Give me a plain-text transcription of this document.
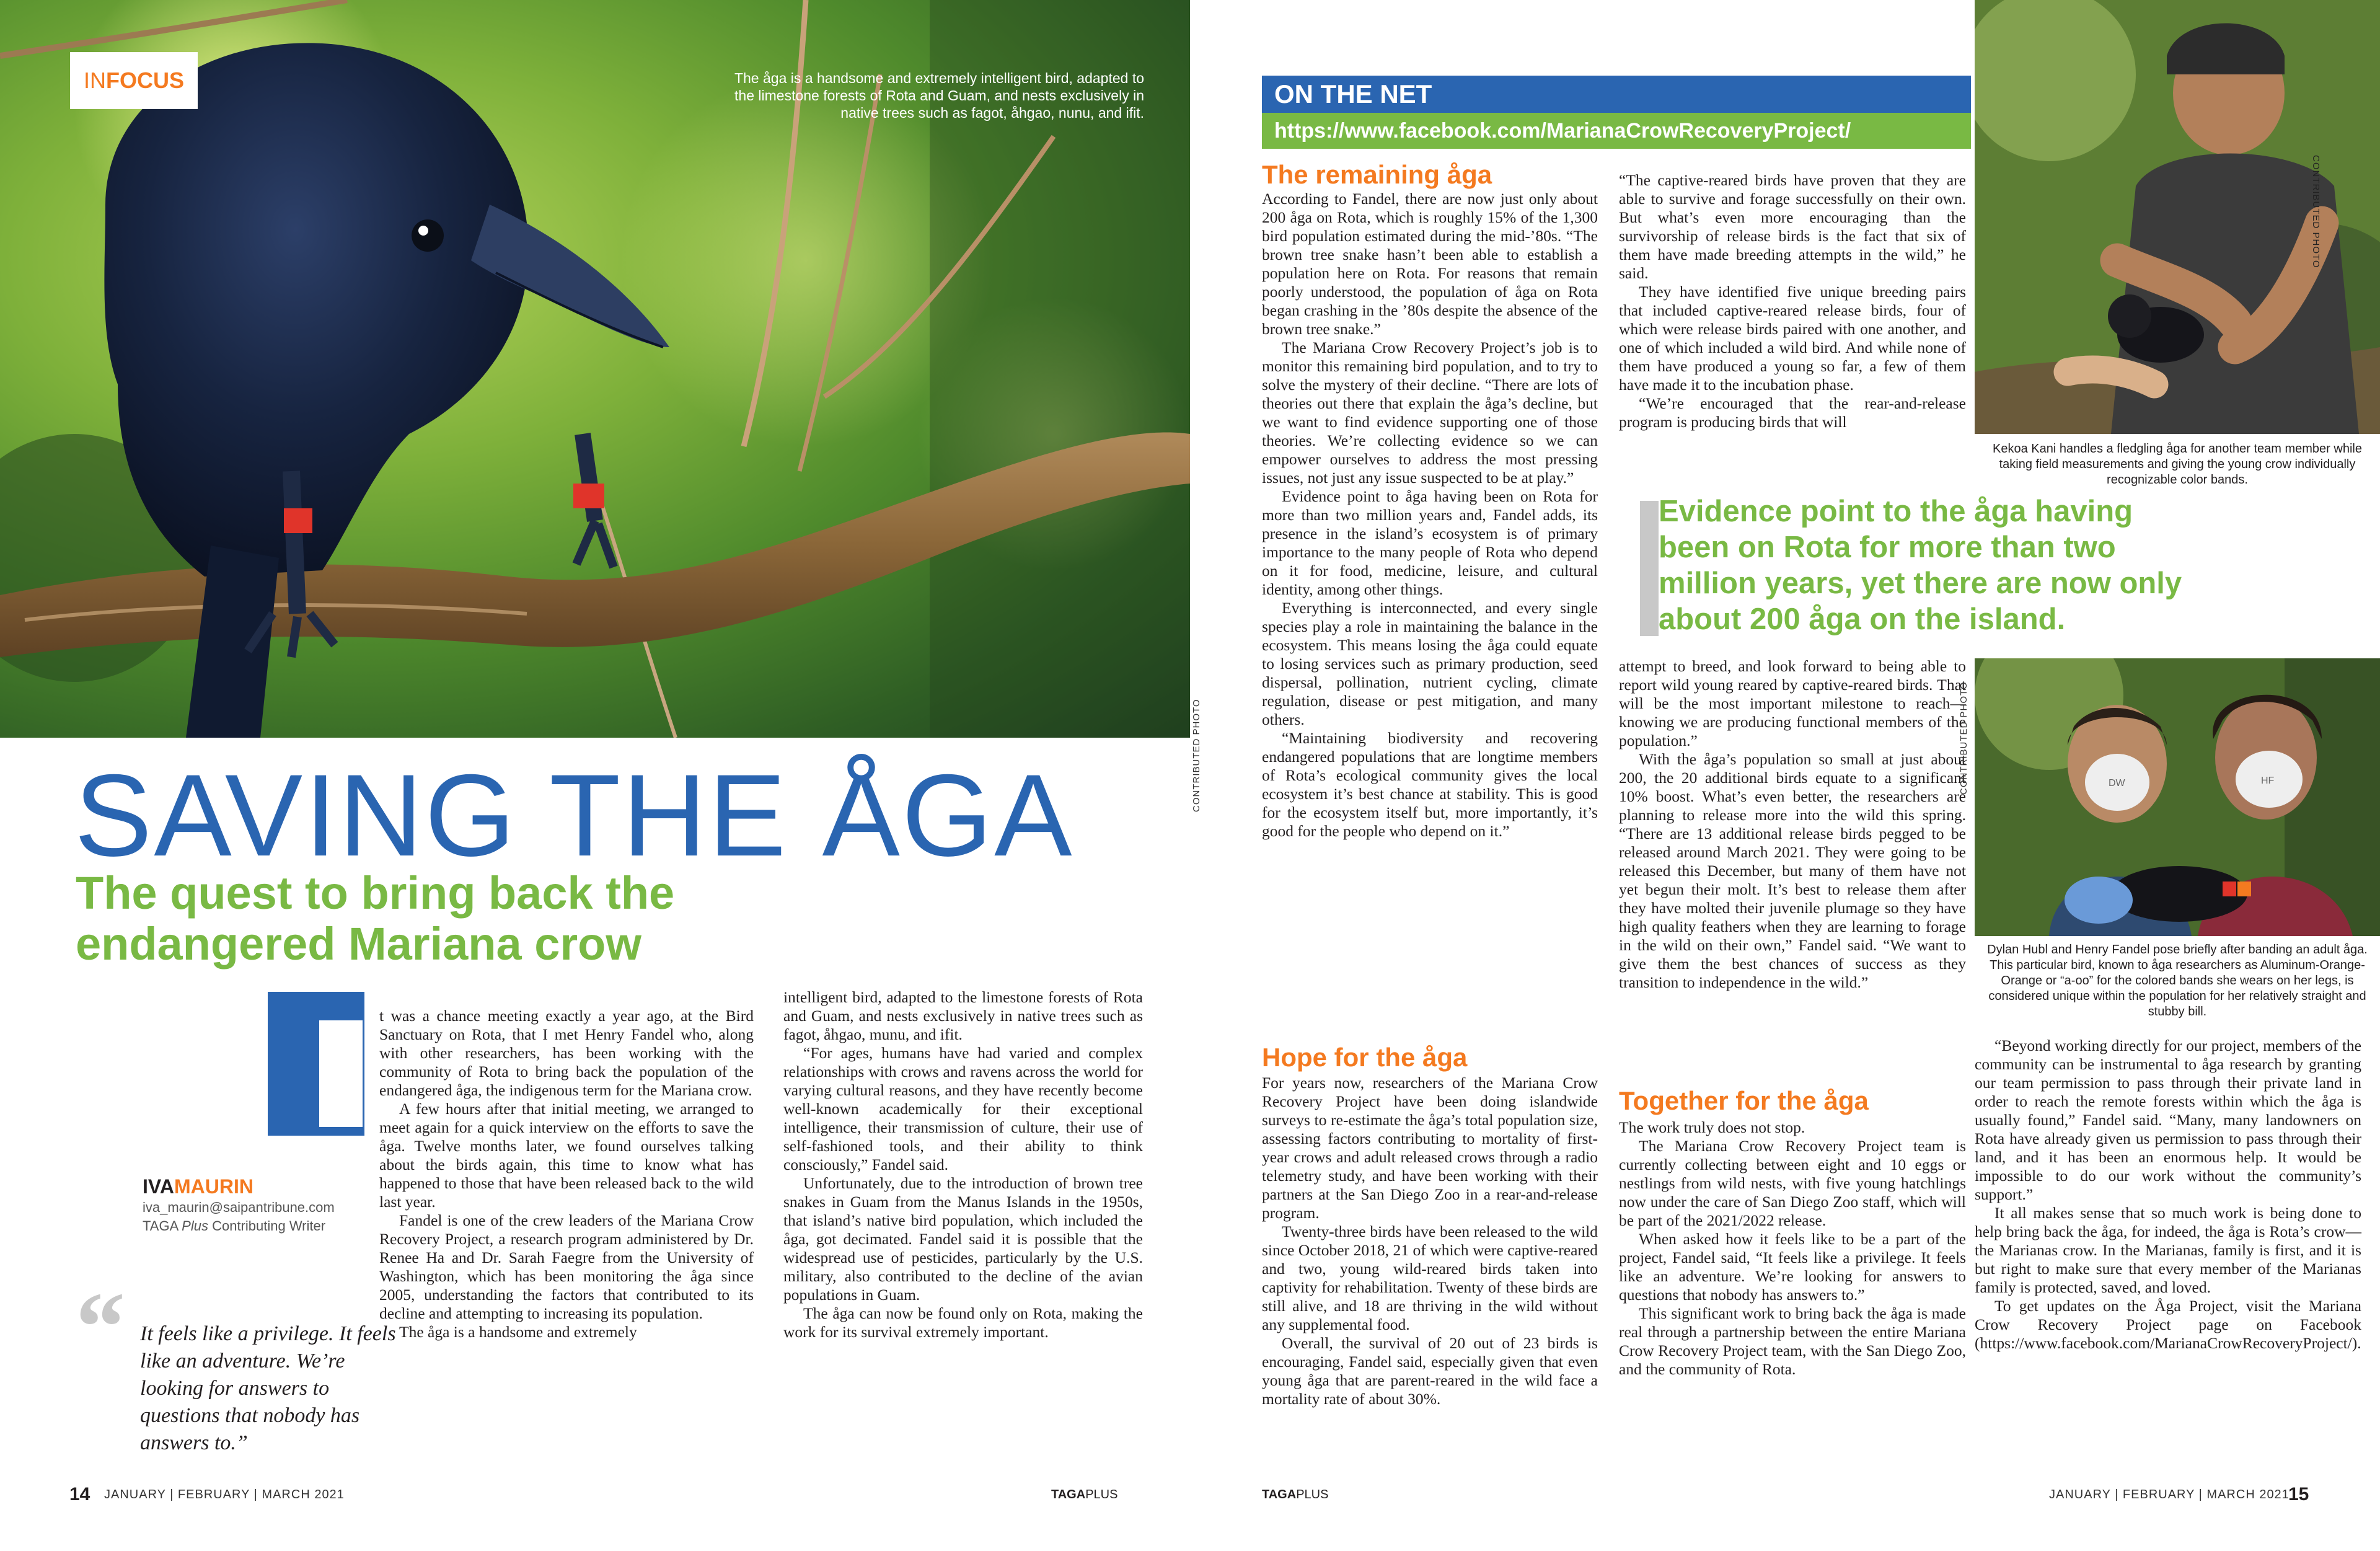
IN FOCUS	The åga is a handsome and extremely intelligent bird, adapted to the limestone forests of Rota and Guam, and nests exclusively in native trees such as fagot, åhgao, nunu, and ifit.
CONTRIBUTED PHOTO
SAVING THE ÅGA
The quest to bring back the endangered Mariana crow

t was a chance meeting exactly a year ago, at the Bird Sanctuary on Rota, that I met Henry Fandel who, along with other researchers, has been working with the community of Rota to bring back the population of the endangered åga, the indigenous term for the Mariana crow.

A few hours after that initial meeting, we arranged to meet again for a quick interview on the efforts to save the åga. Twelve months later, we found ourselves talking about the birds again, this time to know what has happened to those that have been released back to the wild last year.

Fandel is one of the crew leaders of the Mariana Crow Recovery Project, a research program administered by Dr. Renee Ha and Dr. Sarah Faegre from the University of Washington, which has been monitoring the åga since 2005, understanding the factors that contributed to its decline and attempting to increasing its population.

The åga is a handsome and extremely

intelligent bird, adapted to the limestone forests of Rota and Guam, and nests exclusively in native trees such as fagot, åhgao, munu, and ifit.

“For ages, humans have had varied and complex relationships with crows and ravens across the world for varying cultural reasons, and they have recently become well-known academically for their exceptional intelligence, their transmission of culture, their use of self-fashioned tools, and their ability to think consciously,” Fandel said.

Unfortunately, due to the introduction of brown tree snakes in Guam from the Manus Islands in the 1950s, that island’s native bird population, which included the åga, got decimated. Fandel said it is possible that the widespread use of pesticides, particularly by the U.S. military, also contributed to the decline of the avian populations in Guam.

The åga can now be found only on Rota, making the work for its survival extremely important.

IVAMAURIN
iva_maurin@saipantribune.com
TAGA Plus Contributing Writer
“ It feels like a privilege. It feels like an adventure. We’re looking for answers to questions that nobody has answers to.”
14 JANUARY | FEBRUARY | MARCH 2021	TAGAPLUS
ON THE NET
https://www.facebook.com/MarianaCrowRecoveryProject/
The remaining åga

According to Fandel, there are now just only about 200 åga on Rota, which is roughly 15% of the 1,300 bird population estimated during the mid-’80s. “The brown tree snake hasn’t been able to establish a population here on Rota. For reasons that remain poorly understood, the population of åga on Rota began crashing in the ’80s despite the absence of the brown tree snake.”

The Mariana Crow Recovery Project’s job is to monitor this remaining bird population, and to try to solve the mystery of their decline. “There are lots of theories out there that explain the åga’s decline, but we want to find evidence supporting one of those theories. We’re collecting evidence so we can empower ourselves to address the most pressing issues, not just any issue suspected to be at play.”

Evidence point to åga having been on Rota for more than two million years and, Fandel adds, its presence in the island’s ecosystem is of primary importance to the many people of Rota who depend on it for food, medicine, leisure, and cultural identity, among other things.

Everything is interconnected, and every single species play a role in maintaining the balance in the ecosystem. This means losing the åga could equate to losing services such as primary production, seed dispersal, pollination, nutrient cycling, climate regulation, disease or pest mitigation, and many others.

“Maintaining biodiversity and recovering endangered populations that are longtime members of Rota’s ecological community gives the local ecosystem it’s best chance at stability. This is good for the ecosystem itself but, more importantly, it’s good for the people who depend on it.”

Hope for the åga

For years now, researchers of the Mariana Crow Recovery Project have been doing islandwide surveys to re-estimate the åga’s total population size, assessing factors contributing to mortality of first-year crows and adult released crows through a radio telemetry study, and have been working with their partners at the San Diego Zoo in a rear-and-release program.

Twenty-three birds have been released to the wild since October 2018, 21 of which were captive-reared and two, young wild-reared birds taken into captivity for rehabilitation. Twenty of these birds are still alive, and 18 are thriving in the wild without any supplemental food.

Overall, the survival of 20 out of 23 birds is encouraging, Fandel said, especially given that even young åga that are parent-reared in the wild face a mortality rate of about 30%.

“The captive-reared birds have proven that they are able to survive and forage successfully on their own. But what’s even more encouraging than the survivorship of release birds is the fact that six of them have made breeding attempts in the wild,” he said.

They have identified five unique breeding pairs that included captive-reared release birds, four of which were release birds paired with one another, and one of which included a wild bird. And while none of them have produced a young so far, a few of them have made it to the incubation phase.

“We’re encouraged that the rear-and-release program is producing birds that will

Evidence point to the åga having been on Rota for more than two million years, yet there are now only about 200 åga on the island.

attempt to breed, and look forward to being able to report wild young reared by captive-reared birds. That will be the most important milestone to reach—knowing we are producing functional members of the population.”

With the åga’s population so small at just about 200, the 20 additional birds equate to a significant 10% boost. What’s even better, the researchers are planning to release more into the wild this spring. “There are 13 additional release birds pegged to be released around March 2021. They were going to be released this December, but many of them have not yet begun their molt. It’s best to release them after they have molted their juvenile plumage so they have high quality feathers when they are learning to forage in the wild on their own,” Fandel said. “We want to give them the best chances of success as they transition to independence in the wild.”

Together for the åga

The work truly does not stop.

The Mariana Crow Recovery Project team is currently collecting between eight and 10 eggs or nestlings from wild nests, with five young hatchlings now under the care of San Diego Zoo staff, which will be part of the 2021/2022 release.

When asked how it feels like to be a part of the project, Fandel said, “It feels like a privilege. It feels like an adventure. We’re looking for answers to questions that nobody has answers to.”

This significant work to bring back the åga is made real through a partnership between the entire Mariana Crow Recovery Project team, with the San Diego Zoo, and the community of Rota.

CONTRIBUTED PHOTO
Kekoa Kani handles a fledgling åga for another team member while taking field measurements and giving the young crow individually recognizable color bands.
DW	HF
CONTRIBUTED PHOTO
Dylan Hubl and Henry Fandel pose briefly after banding an adult åga. This particular bird, known to åga researchers as Aluminum-Orange-Orange or “a-oo” for the colored bands she wears on her legs, is considered unique within the population for her relatively straight and stubby bill.

“Beyond working directly for our project, members of the community can be instrumental to åga research by granting our team permission to pass through their private land in order to reach the remote forests within which the åga is usually found,” Fandel said. “Many, many landowners on Rota have already given us permission to pass through their land, and it has been an enormous help. It would be impossible to do our work without the community’s support.”

It all makes sense that so much work is being done to help bring back the åga, for indeed, the åga is Rota’s crow—the Marianas crow. In the Marianas, family is first, and it is but right to make sure that every member of the Marianas family is protected, saved, and loved.

To get updates on the Åga Project, visit the Mariana Crow Recovery Project page on Facebook (https://www.facebook.com/MarianaCrowRecoveryProject/).

TAGAPLUS	JANUARY | FEBRUARY | MARCH 2021
15
